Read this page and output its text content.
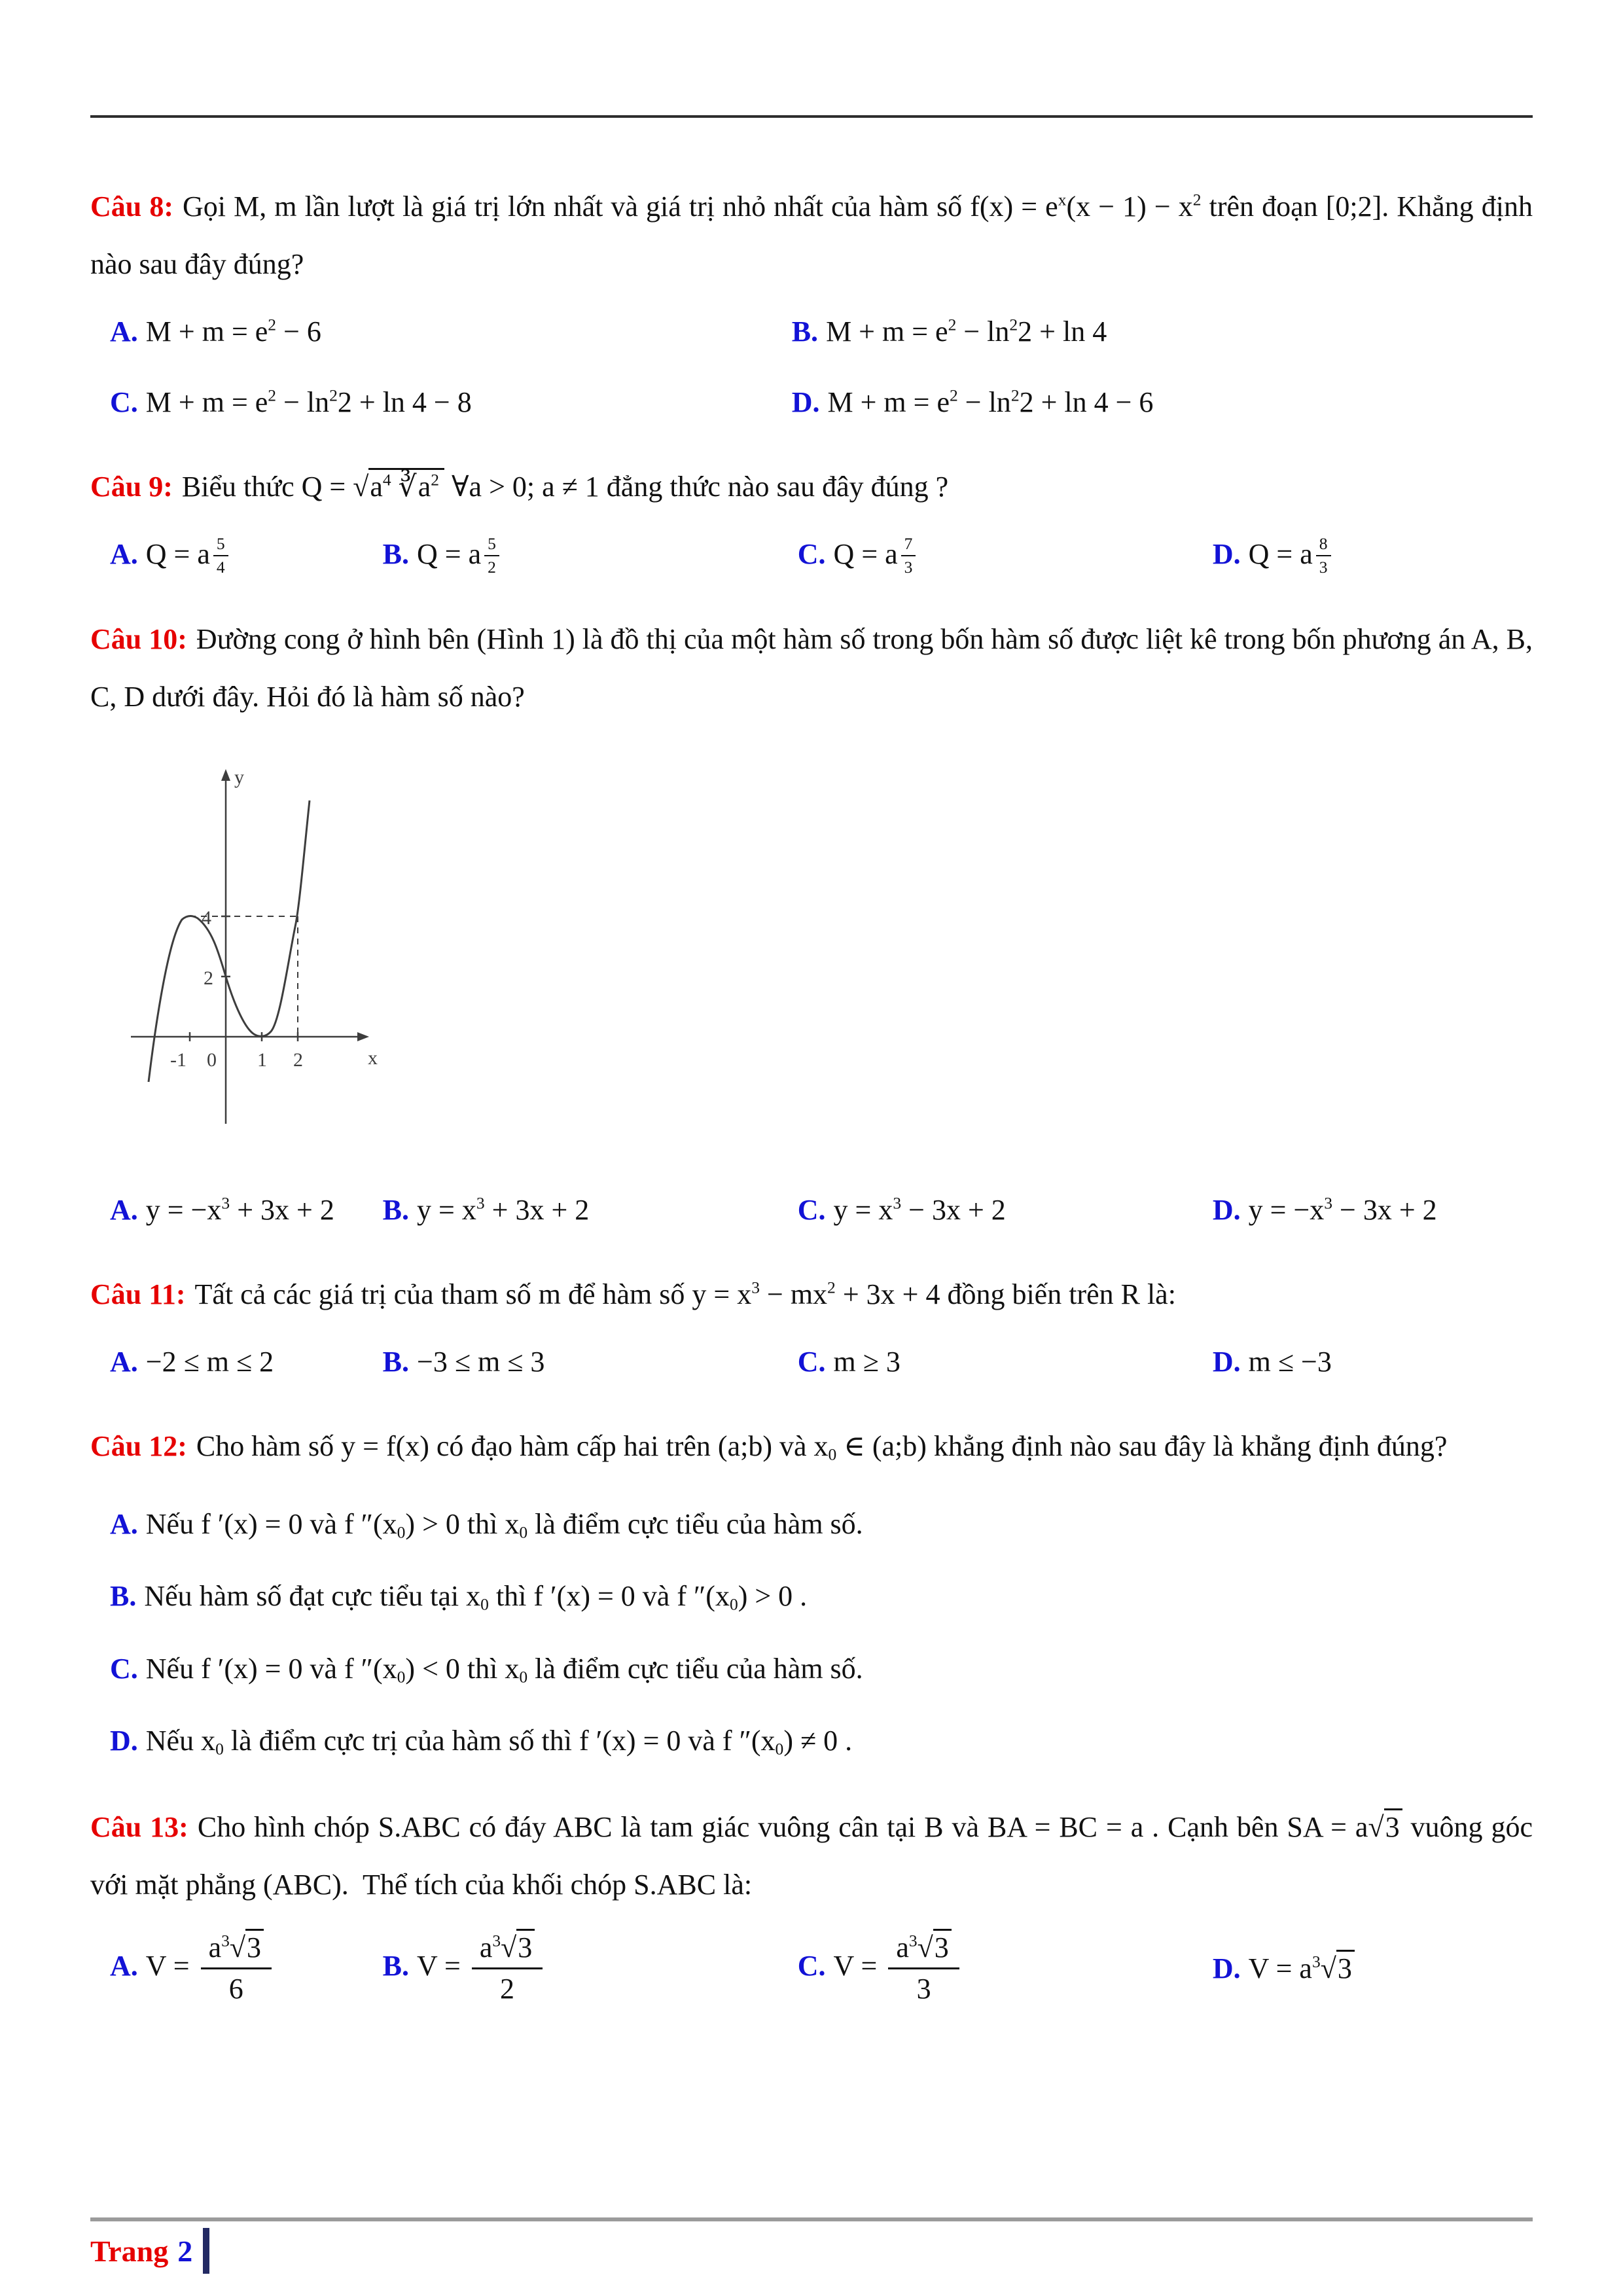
Câu 8: Gọi M, m lần lượt là giá trị lớn nhất và giá trị nhỏ nhất của hàm số $f(x) = e^x(x - 1) - x^2$ trên đoạn [0;2]. Khẳng định nào sau đây đúng?

A. $M + m = e^2 - 6$	B. $M + m = e^2 - \ln^22 + \ln 4$
C. $M + m = e^2 - \ln^22 + \ln 4 - 8$	D. $M + m = e^2 - \ln^22 + \ln 4 - 6$

Câu 9: Biểu thức $Q = √a^4$ $∛a^2$ ∀a > 0; a ≠ 1 đẳng thức nào sau đây đúng ?

A. Q = a $\frac{5}{4}$	B. Q = a $\frac{5}{2}$	C. Q = a $\frac{7}{3}$	D. Q = a $\frac{8}{3}$

Câu 10: Đường cong ở hình bên (Hình 1) là đồ thị của một hàm số trong bốn hàm số được liệt kê trong bốn phương án A, B, C, D dưới đây. Hỏi đó là hàm số nào?

y
x
-1 0 1 2
4
2
A. $y = -x^3 + 3x + 2$	B. $y = x^3 + 3x + 2$	C. $y = x^3 - 3x + 2$	D. $y = -x^3 - 3x + 2$

Câu 11: Tất cả các giá trị của tham số m để hàm số $y = x^3 - mx^2 + 3x + 4$ đồng biến trên R là:

A. −2 ≤ m ≤ 2	B. −3 ≤ m ≤ 3	C. m ≥ 3	D. m ≤ −3

Câu 12: Cho hàm số y = f(x) có đạo hàm cấp hai trên (a;b) và $x_0$ ∈ (a;b) khẳng định nào sau đây là khẳng định đúng?

A. Nếu f ′(x) = 0 và f $''(x_0) > 0$ thì $x_0$ là điểm cực tiểu của hàm số.
B. Nếu hàm số đạt cực tiểu tại $x_0$ thì f ′(x) = 0 và f $''(x_0) > 0$ .
C. Nếu f ′(x) = 0 và f $''(x_0) < 0$ thì $x_0$ là điểm cực tiểu của hàm số.
D. Nếu $x_0$ là điểm cực trị của hàm số thì f ′(x) = 0 và f $''(x_0) \ne 0$ .

Câu 13: Cho hình chóp S.ABC có đáy ABC là tam giác vuông cân tại B và BA = BC = a . Cạnh bên SA = a√3 vuông góc với mặt phẳng (ABC).  Thể tích của khối chóp S.ABC là:

A. $V = \frac{a^3√3}{6}$	B. $V = \frac{a^3√3}{2}$	C. $V = \frac{a^3√3}{3}$	D. $V = a^3√3$
Trang 2
